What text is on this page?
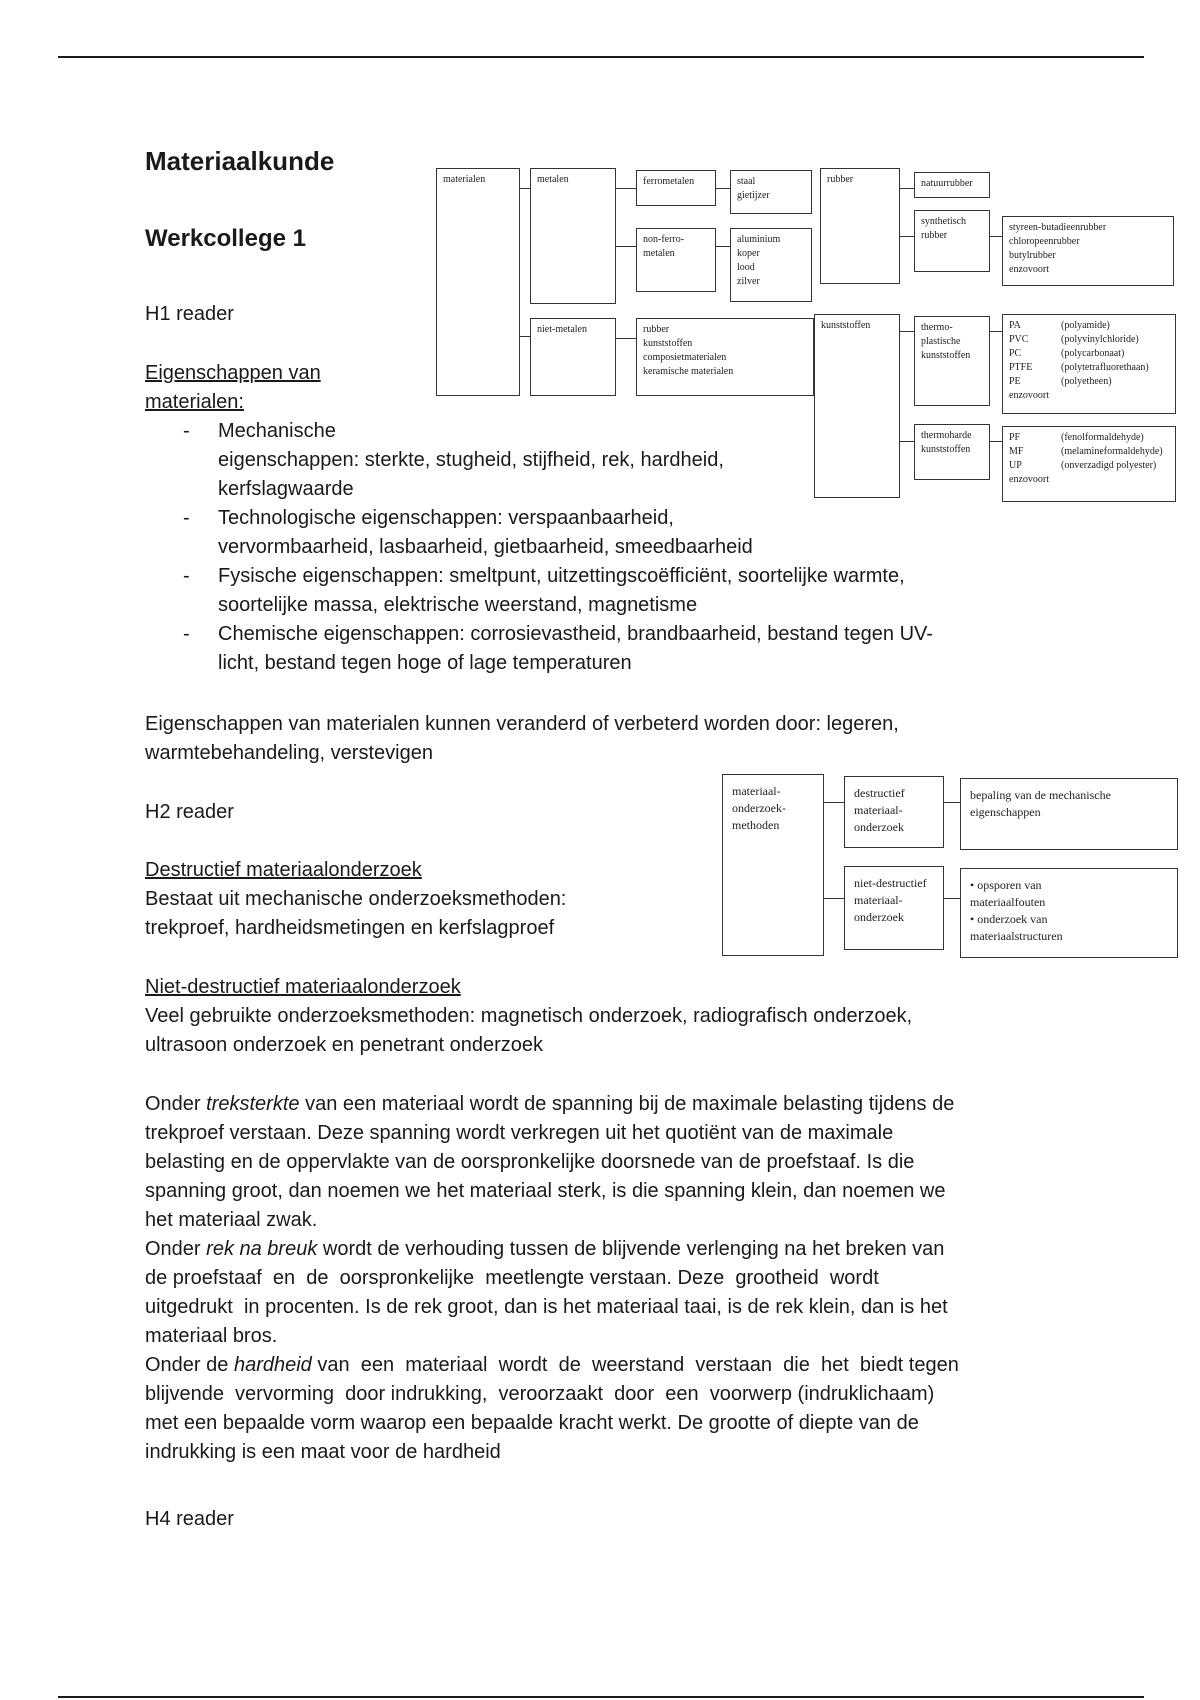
Materiaalkunde
Werkcollege 1
H1 reader
Eigenschappen van
materialen:
- Mechanische
eigenschappen: sterkte, stugheid, stijfheid, rek, hardheid,
kerfslagwaarde
- Technologische eigenschappen: verspaanbaarheid,
vervormbaarheid, lasbaarheid, gietbaarheid, smeedbaarheid
- Fysische eigenschappen: smeltpunt, uitzettingscoëfficiënt, soortelijke warmte,
soortelijke massa, elektrische weerstand, magnetisme
- Chemische eigenschappen: corrosievastheid, brandbaarheid, bestand tegen UV-
licht, bestand tegen hoge of lage temperaturen
Eigenschappen van materialen kunnen veranderd of verbeterd worden door: legeren,
warmtebehandeling, verstevigen
H2 reader
Destructief materiaalonderzoek
Bestaat uit mechanische onderzoeksmethoden:
trekproef, hardheidsmetingen en kerfslagproef
Niet-destructief materiaalonderzoek
Veel gebruikte onderzoeksmethoden: magnetisch onderzoek, radiografisch onderzoek,
ultrasoon onderzoek en penetrant onderzoek
Onder treksterkte van een materiaal wordt de spanning bij de maximale belasting tijdens de
trekproef verstaan. Deze spanning wordt verkregen uit het quotiënt van de maximale
belasting en de oppervlakte van de oorspronkelijke doorsnede van de proefstaaf. Is die
spanning groot, dan noemen we het materiaal sterk, is die spanning klein, dan noemen we
het materiaal zwak.
Onder rek na breuk wordt de verhouding tussen de blijvende verlenging na het breken van
de proefstaaf  en  de  oorspronkelijke  meetlengte verstaan. Deze  grootheid  wordt
uitgedrukt  in procenten. Is de rek groot, dan is het materiaal taai, is de rek klein, dan is het
materiaal bros.
Onder de hardheid van  een  materiaal  wordt  de  weerstand  verstaan  die  het  biedt tegen
blijvende  vervorming  door indrukking,  veroorzaakt  door  een  voorwerp (indruklichaam)
met een bepaalde vorm waarop een bepaalde kracht werkt. De grootte of diepte van de
indrukking is een maat voor de hardheid
H4 reader
materialen	metalen	ferrometalen	staal
gietijzer
non-ferro-
metalen
aluminium
koper
lood
zilver
niet-metalen	rubber
kunststoffen
composietmaterialen
keramische materialen
rubber	natuurrubber
synthetisch
rubber
styreen-butadieenrubber
chloropeenrubber
butylrubber
enzovoort
kunststoffen	thermo-
plastische
kunststoffen
PA	(polyamide)
PVC	(polyvinylchloride)
PC	(polycarbonaat)
PTFE	(polytetrafluorethaan)
PE	(polyetheen)
enzovoort
thermoharde
kunststoffen
PF	(fenolformaldehyde)
MF	(melamineformaldehyde)
UP	(onverzadigd polyester)
enzovoort
materiaal-
onderzoek-
methoden
destructief
materiaal-
onderzoek
bepaling van de mechanische
eigenschappen
niet-destructief
materiaal-
onderzoek
• opsporen van
materiaalfouten
• onderzoek van
materiaalstructuren
